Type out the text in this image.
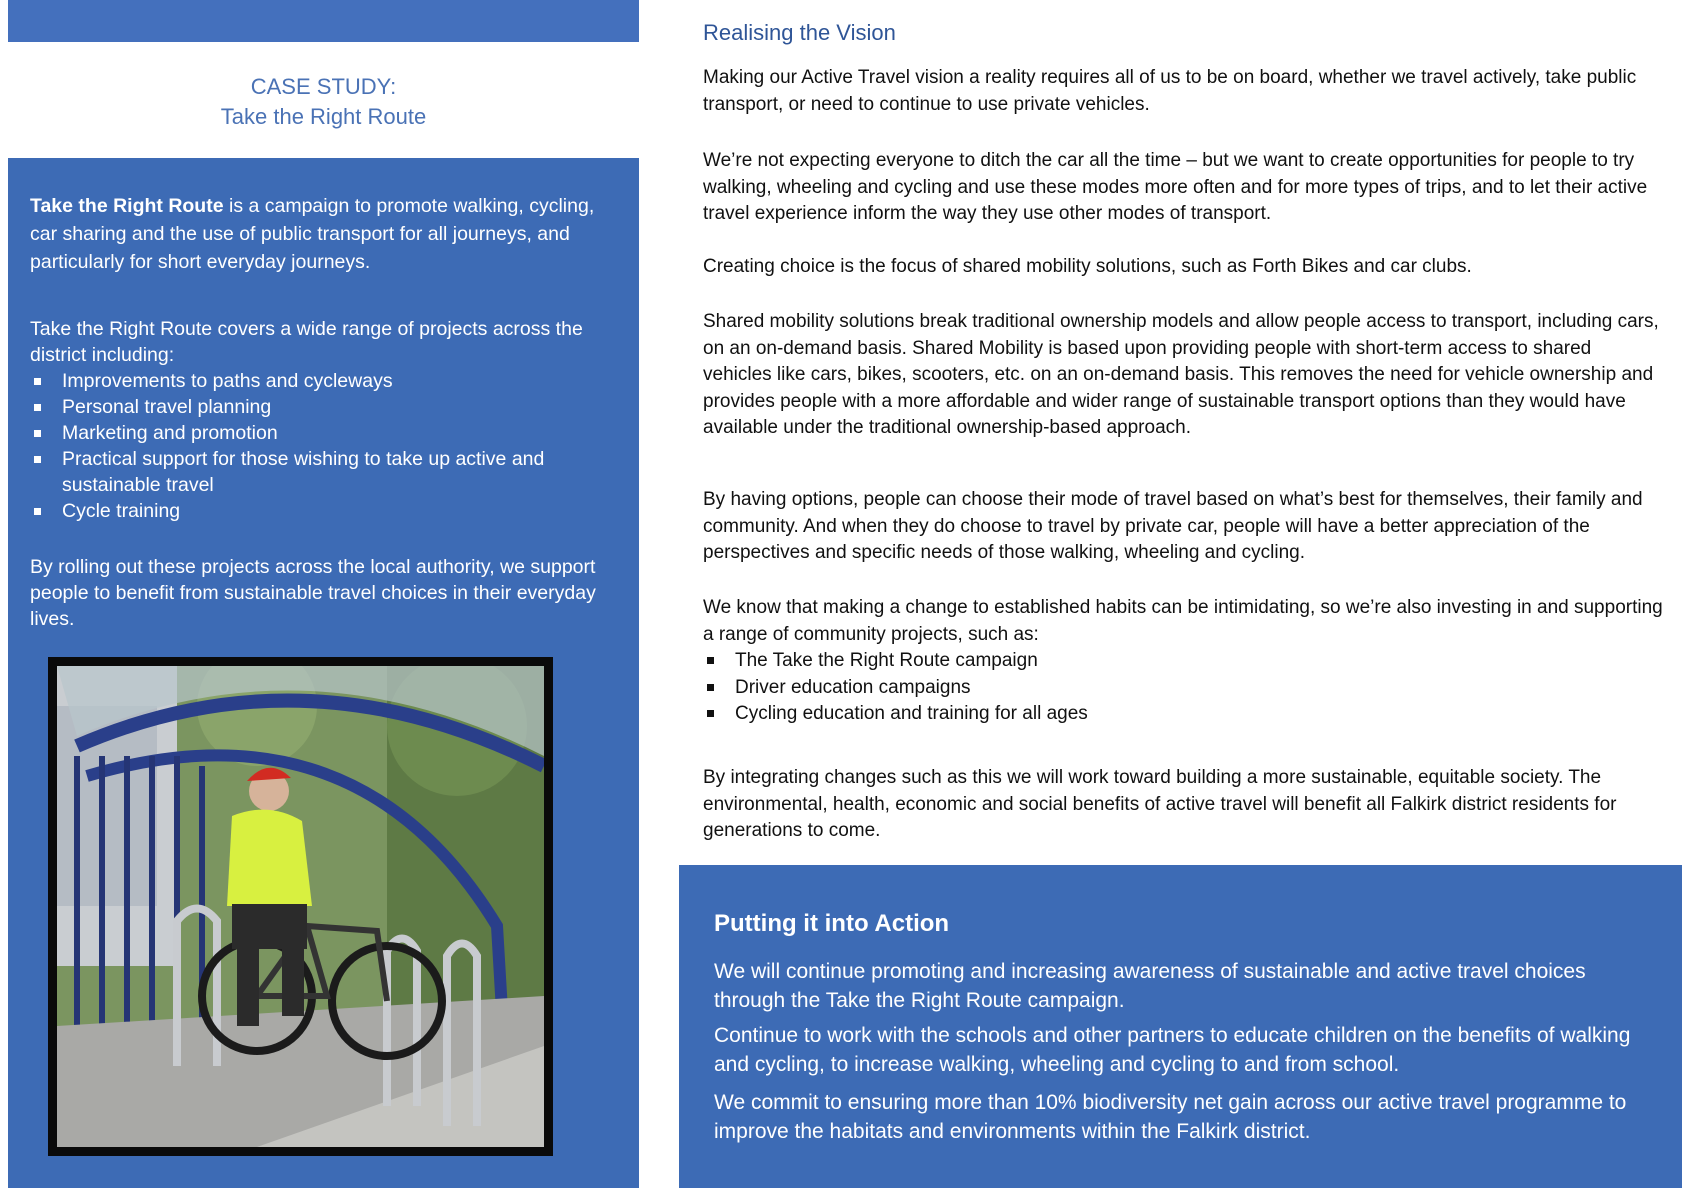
CASE STUDY:
Take the Right Route
Take the Right Route is a campaign to promote walking, cycling, car sharing and the use of public transport for all journeys, and particularly for short everyday journeys.
Take the Right Route covers a wide range of projects across the district including:
Improvements to paths and cycleways
Personal travel planning
Marketing and promotion
Practical support for those wishing to take up active and sustainable travel
Cycle training
By rolling out these projects across the local authority, we support people to benefit from sustainable travel choices in their everyday lives.
Realising the Vision
Making our Active Travel vision a reality requires all of us to be on board, whether we travel actively, take public transport, or need to continue to use private vehicles.
We’re not expecting everyone to ditch the car all the time – but we want to create opportunities for people to try walking, wheeling and cycling and use these modes more often and for more types of trips, and to let their active travel experience inform the way they use other modes of transport.
Creating choice is the focus of shared mobility solutions, such as Forth Bikes and car clubs.
Shared mobility solutions break traditional ownership models and allow people access to transport, including cars, on an on-demand basis. Shared Mobility is based upon providing people with short-term access to shared vehicles like cars, bikes, scooters, etc. on an on-demand basis. This removes the need for vehicle ownership and provides people with a more affordable and wider range of sustainable transport options than they would have available under the traditional ownership-based approach.
By having options, people can choose their mode of travel based on what’s best for themselves, their family and community. And when they do choose to travel by private car, people will have a better appreciation of the perspectives and specific needs of those walking, wheeling and cycling.
We know that making a change to established habits can be intimidating, so we’re also investing in and supporting a range of community projects, such as:
The Take the Right Route campaign
Driver education campaigns
Cycling education and training for all ages
By integrating changes such as this we will work toward building a more sustainable, equitable society. The environmental, health, economic and social benefits of active travel will benefit all Falkirk district residents for generations to come.
Putting it into Action
We will continue promoting and increasing awareness of sustainable and active travel choices through the Take the Right Route campaign.
Continue to work with the schools and other partners to educate children on the benefits of walking and cycling, to increase walking, wheeling and cycling to and from school.
We commit to ensuring more than 10% biodiversity net gain across our active travel programme to improve the habitats and environments within the Falkirk district.
